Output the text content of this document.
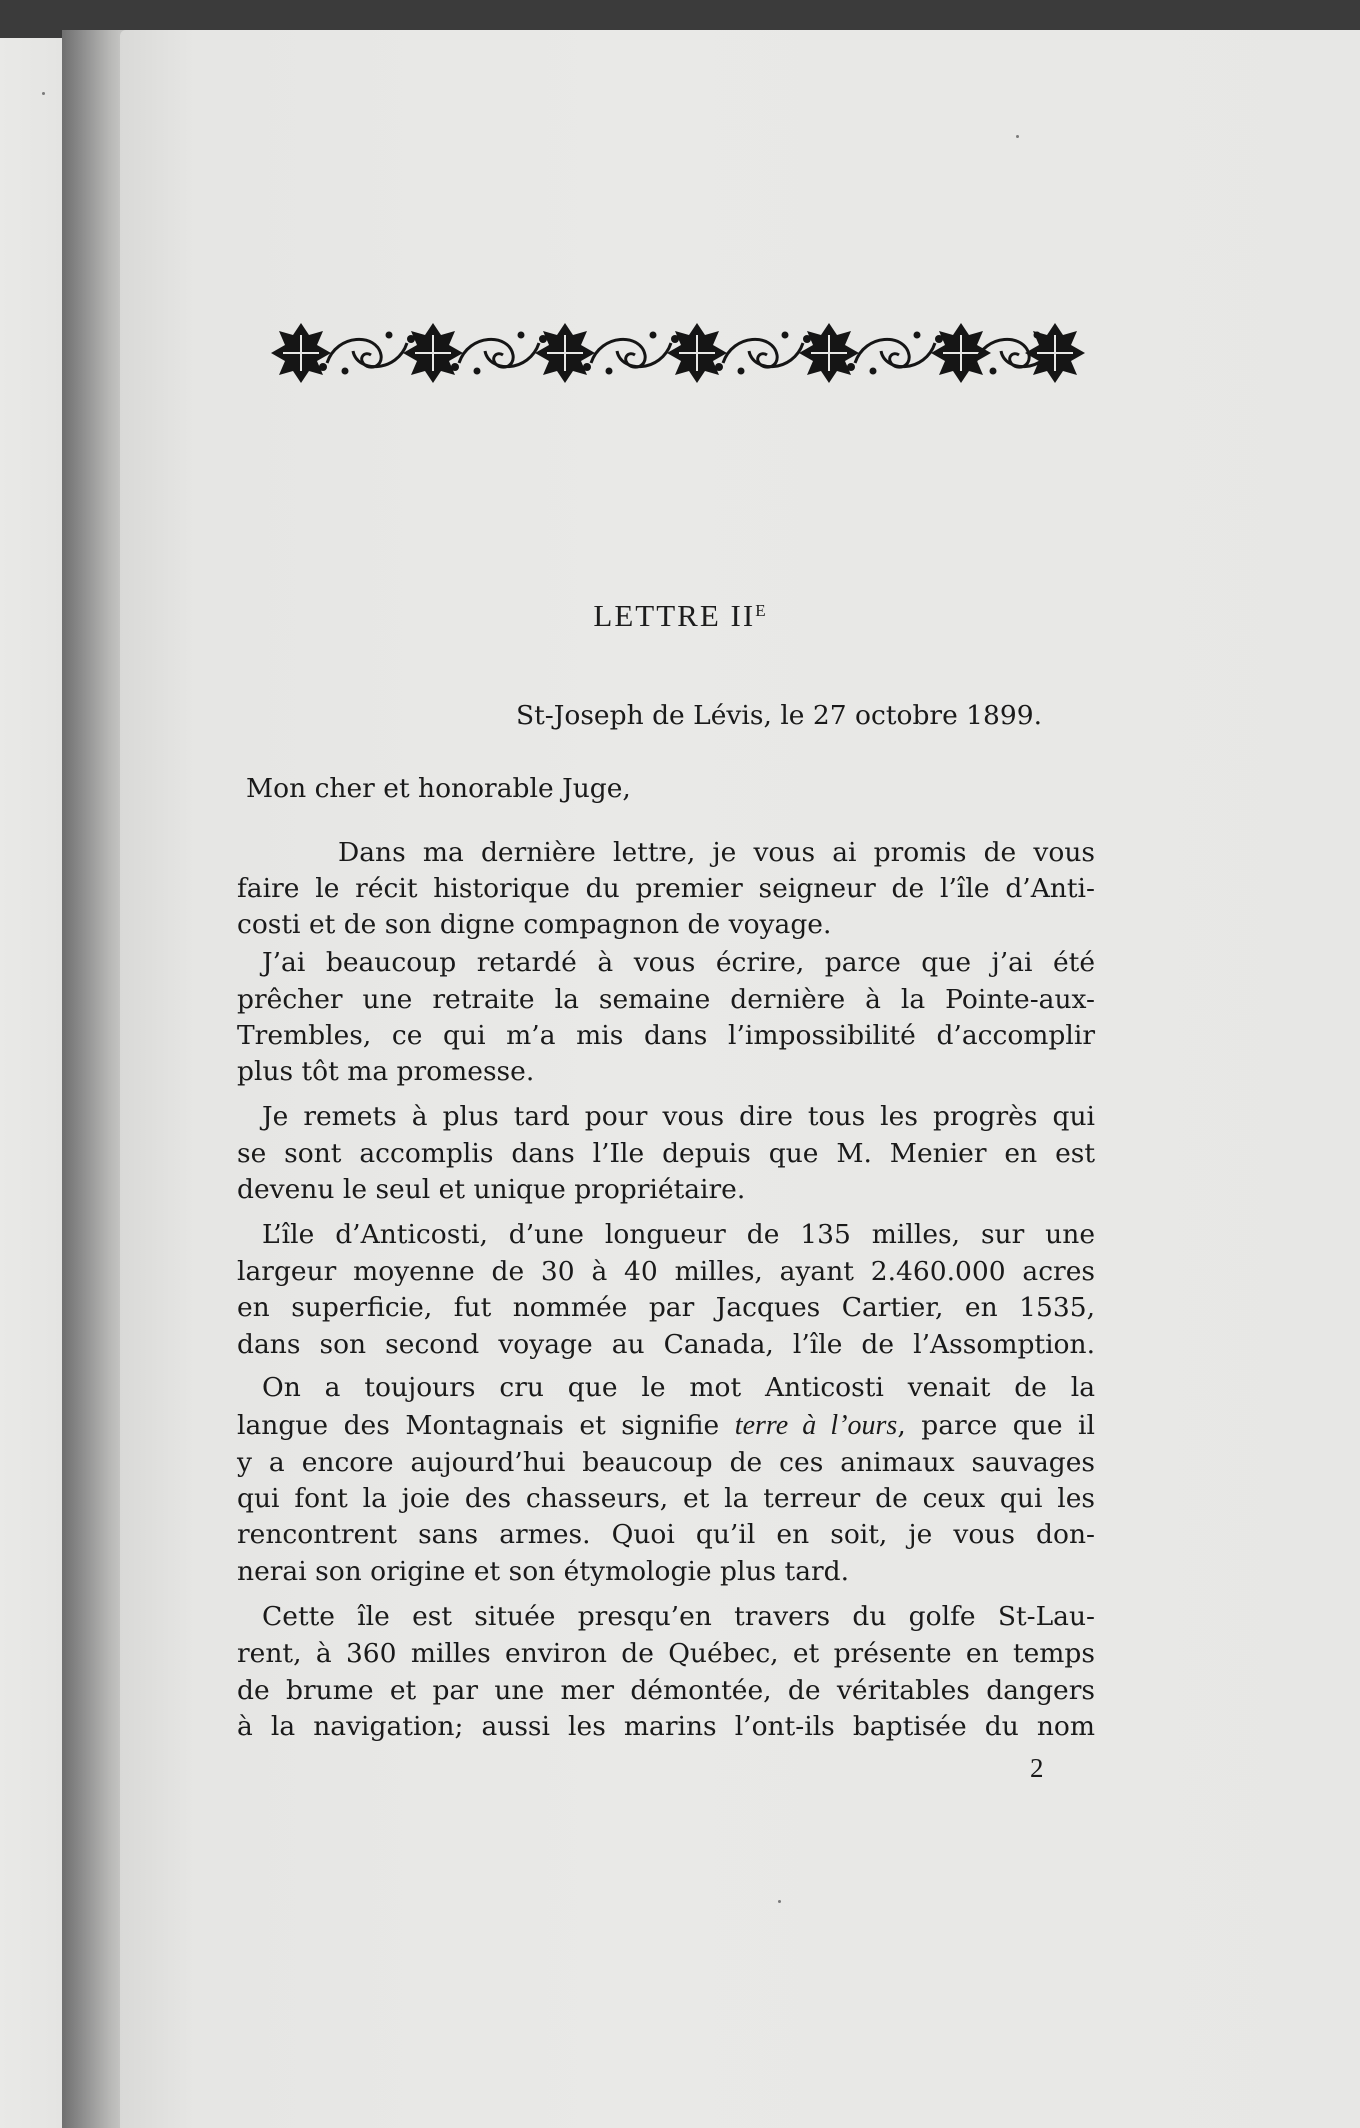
LETTRE $II^E$
St-Joseph de Lévis, le 27 octobre 1899.
Mon cher et honorable Juge,
Dans ma dernière lettre, je vous ai promis de vous
faire le récit historique du premier seigneur de l’île d’Anti-
costi et de son digne compagnon de voyage.
J’ai beaucoup retardé à vous écrire, parce que j’ai été
prêcher une retraite la semaine dernière à la Pointe-aux-
Trembles, ce qui m’a mis dans l’impossibilité d’accomplir
plus tôt ma promesse.
Je remets à plus tard pour vous dire tous les progrès qui
se sont accomplis dans l’Ile depuis que M. Menier en est
devenu le seul et unique propriétaire.
L’île d’Anticosti, d’une longueur de 135 milles, sur une
largeur moyenne de 30 à 40 milles, ayant 2.460.000 acres
en superficie, fut nommée par Jacques Cartier, en 1535,
dans son second voyage au Canada, l’île de l’Assomption.
On a toujours cru que le mot Anticosti venait de la
langue des Montagnais et signifie terre à l’ours, parce que il
y a encore aujourd’hui beaucoup de ces animaux sauvages
qui font la joie des chasseurs, et la terreur de ceux qui les
rencontrent sans armes. Quoi qu’il en soit, je vous don-
nerai son origine et son étymologie plus tard.
Cette île est située presqu’en travers du golfe St-Lau-
rent, à 360 milles environ de Québec, et présente en temps
de brume et par une mer démontée, de véritables dangers
à la navigation; aussi les marins l’ont-ils baptisée du nom
2
